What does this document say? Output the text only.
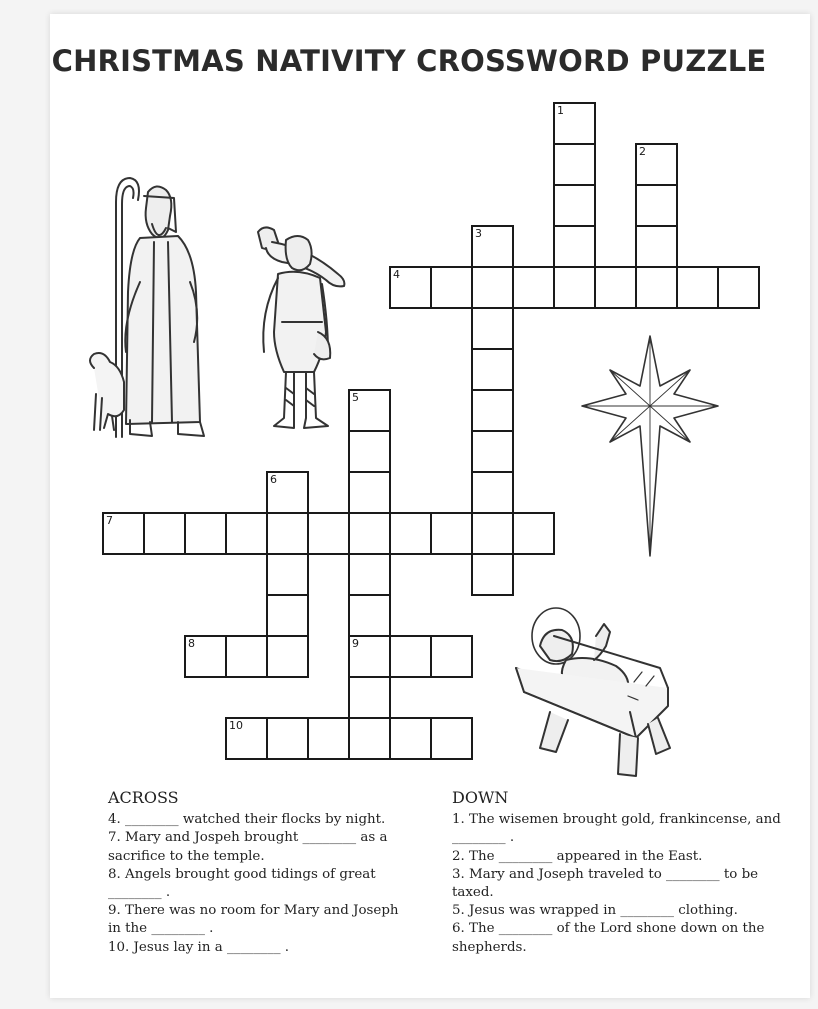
CHRISTMAS NATIVITY CROSSWORD PUZZLE
4
7
8	9
10
1
2
3
5
6
ACROSS

4. ________ watched their flocks by night.

7. Mary and Jospeh brought ________ as a sacrifice to the temple.

8. Angels brought good tidings of great ________ .

9. There was no room for Mary and Joseph in the ________ .

10. Jesus lay in a ________ .

DOWN

1. The wisemen brought gold, frankincense, and ________ .

2. The ________ appeared in the East.

3. Mary and Joseph traveled to ________ to be taxed.

5. Jesus was wrapped in ________ clothing.

6. The ________ of the Lord shone down on the shepherds.
